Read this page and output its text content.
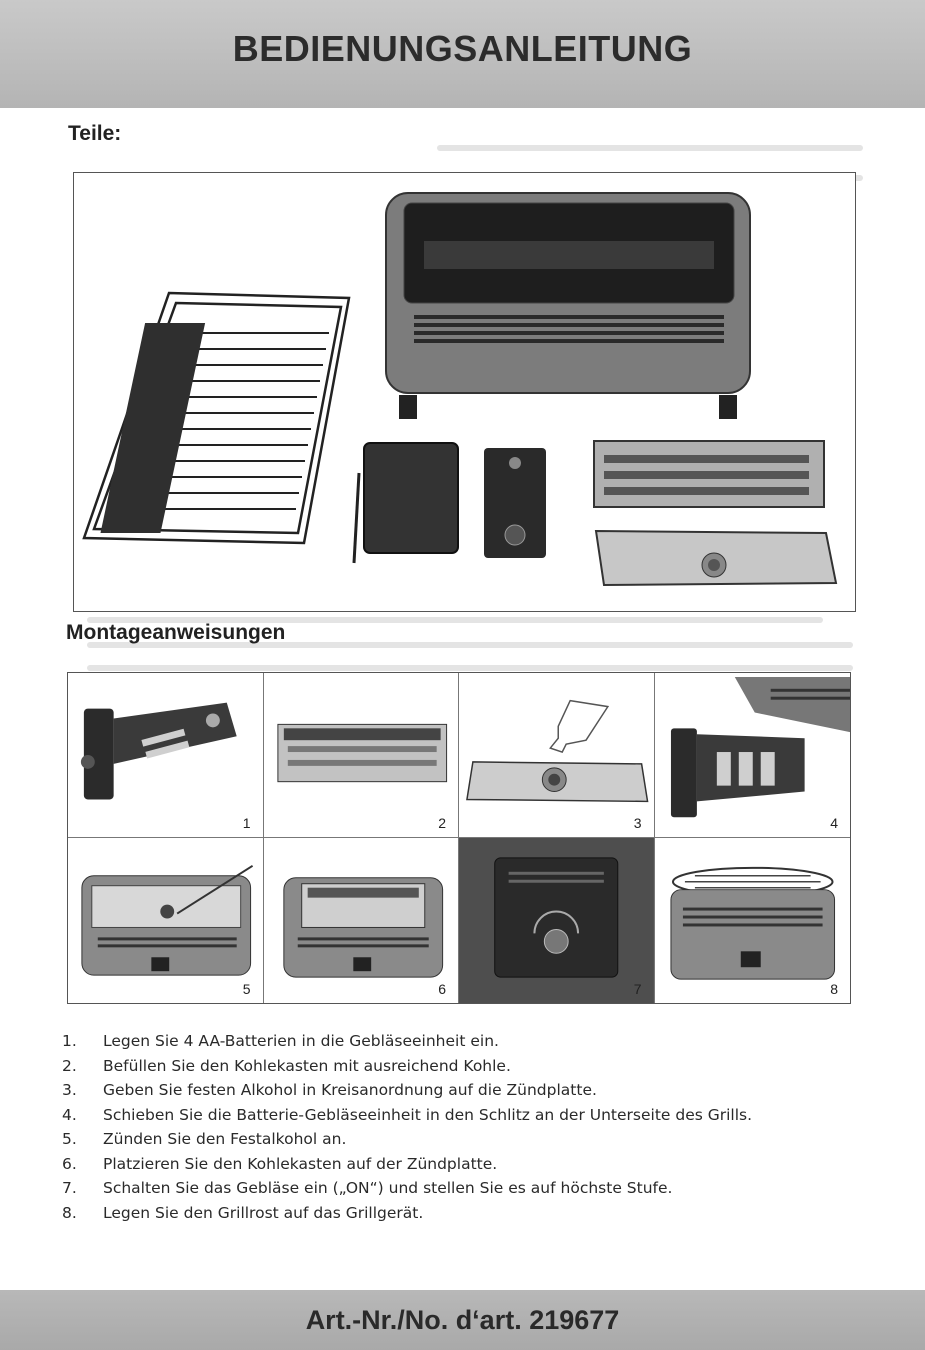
BEDIENUNGSANLEITUNG
Teile:
Montageanweisungen
1	2	3	4
5	6	7	8
1.	Legen Sie 4 AA-Batterien in die Gebläseeinheit ein.
2.	Befüllen Sie den Kohlekasten mit ausreichend Kohle.
3.	Geben Sie festen Alkohol in Kreisanordnung auf die Zündplatte.
4.	Schieben Sie die Batterie-Gebläseeinheit in den Schlitz an der Unterseite des Grills.
5.	Zünden Sie den Festalkohol an.
6.	Platzieren Sie den Kohlekasten auf der Zündplatte.
7.	Schalten Sie das Gebläse ein („ON“) und stellen Sie es auf höchste Stufe.
8.	Legen Sie den Grillrost auf das Grillgerät.
Art.-Nr./No. d‘art. 219677
